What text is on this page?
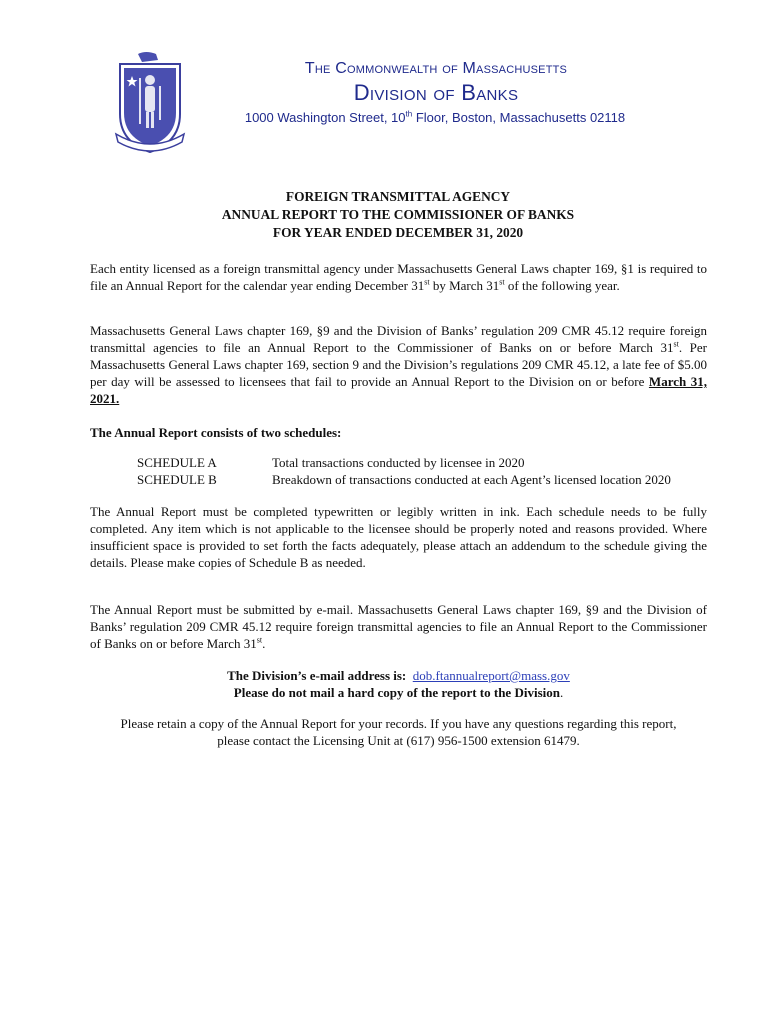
The Commonwealth of Massachusetts
Division of Banks
1000 Washington Street, 10th Floor, Boston, Massachusetts 02118
FOREIGN TRANSMITTAL AGENCY
ANNUAL REPORT TO THE COMMISSIONER OF BANKS
FOR YEAR ENDED DECEMBER 31, 2020
Each entity licensed as a foreign transmittal agency under Massachusetts General Laws chapter 169, §1 is required to file an Annual Report for the calendar year ending December 31st by March 31st of the following year.
Massachusetts General Laws chapter 169, §9 and the Division of Banks’ regulation 209 CMR 45.12 require foreign transmittal agencies to file an Annual Report to the Commissioner of Banks on or before March 31st. Per Massachusetts General Laws chapter 169, section 9 and the Division’s regulations 209 CMR 45.12, a late fee of $5.00 per day will be assessed to licensees that fail to provide an Annual Report to the Division on or before March 31, 2021.
The Annual Report consists of two schedules:
SCHEDULE A	Total transactions conducted by licensee in 2020
SCHEDULE B	Breakdown of transactions conducted at each Agent’s licensed location 2020
The Annual Report must be completed typewritten or legibly written in ink. Each schedule needs to be fully completed. Any item which is not applicable to the licensee should be properly noted and reasons provided. Where insufficient space is provided to set forth the facts adequately, please attach an addendum to the schedule giving the details. Please make copies of Schedule B as needed.
The Annual Report must be submitted by e-mail. Massachusetts General Laws chapter 169, §9 and the Division of Banks’ regulation 209 CMR 45.12 require foreign transmittal agencies to file an Annual Report to the Commissioner of Banks on or before March 31st.
The Division’s e-mail address is: dob.ftannualreport@mass.gov
Please do not mail a hard copy of the report to the Division.
Please retain a copy of the Annual Report for your records. If you have any questions regarding this report,
please contact the Licensing Unit at (617) 956-1500 extension 61479.
